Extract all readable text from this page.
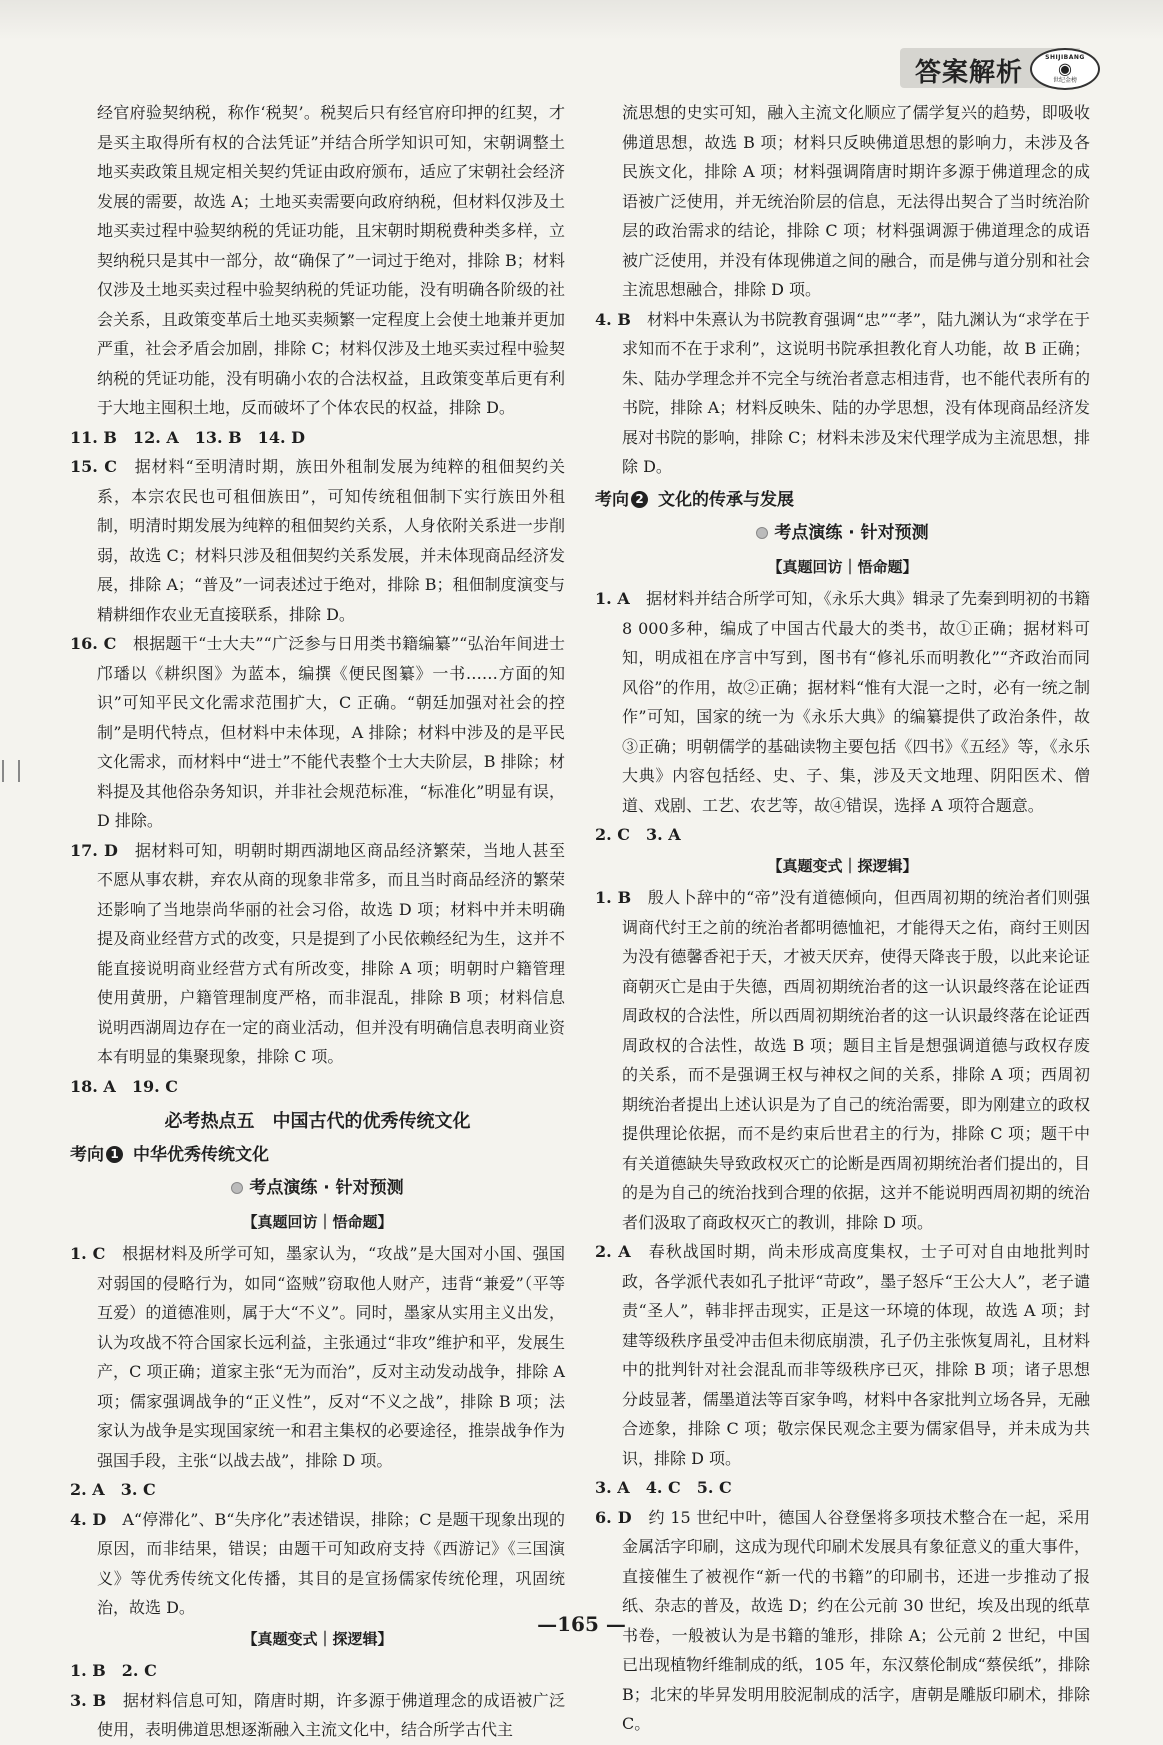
答案解析
SHIJIBANG
◉
世纪金榜

经官府验契纳税，称作‘税契’。税契后只有经官府印押的红契，才是买主取得所有权的合法凭证”并结合所学知识可知，宋朝调整土地买卖政策且规定相关契约凭证由政府颁布，适应了宋朝社会经济发展的需要，故选 A；土地买卖需要向政府纳税，但材料仅涉及土地买卖过程中验契纳税的凭证功能，且宋朝时期税费种类多样，立契纳税只是其中一部分，故“确保了”一词过于绝对，排除 B；材料仅涉及土地买卖过程中验契纳税的凭证功能，没有明确各阶级的社会关系，且政策变革后土地买卖频繁一定程度上会使土地兼并更加严重，社会矛盾会加剧，排除 C；材料仅涉及土地买卖过程中验契纳税的凭证功能，没有明确小农的合法权益，且政策变革后更有利于大地主囤积土地，反而破坏了个体农民的权益，排除 D。

11. B　12. A　13. B　14. D

15. C　 据材料“至明清时期，族田外租制发展为纯粹的租佃契约关系，本宗农民也可租佃族田”，可知传统租佃制下实行族田外租制，明清时期发展为纯粹的租佃契约关系，人身依附关系进一步削弱，故选 C；材料只涉及租佃契约关系发展，并未体现商品经济发展，排除 A；“普及”一词表述过于绝对，排除 B；租佃制度演变与精耕细作农业无直接联系，排除 D。

16. C　 根据题干“士大夫”“广泛参与日用类书籍编纂”“弘治年间进士邝璠以《耕织图》为蓝本，编撰《便民图纂》一书……方面的知识”可知平民文化需求范围扩大，C 正确。“朝廷加强对社会的控制”是明代特点，但材料中未体现，A 排除；材料中涉及的是平民文化需求，而材料中“进士”不能代表整个士大夫阶层，B 排除；材料提及其他俗杂务知识，并非社会规范标准，“标准化”明显有误，D 排除。

17. D　 据材料可知，明朝时期西湖地区商品经济繁荣，当地人甚至不愿从事农耕，弃农从商的现象非常多，而且当时商品经济的繁荣还影响了当地崇尚华丽的社会习俗，故选 D 项；材料中并未明确提及商业经营方式的改变，只是提到了小民依赖经纪为生，这并不能直接说明商业经营方式有所改变，排除 A 项；明朝时户籍管理使用黄册，户籍管理制度严格，而非混乱，排除 B 项；材料信息说明西湖周边存在一定的商业活动，但并没有明确信息表明商业资本有明显的集聚现象，排除 C 项。

18. A　19. C

必考热点五　中国古代的优秀传统文化
考向 1 中华优秀传统文化
考点演练 · 针对预测
【真题回访｜悟命题】

1. C　 根据材料及所学可知，墨家认为，“攻战”是大国对小国、强国对弱国的侵略行为，如同“盗贼”窃取他人财产，违背“兼爱”（平等互爱）的道德准则，属于大“不义”。同时，墨家从实用主义出发，认为攻战不符合国家长远利益，主张通过“非攻”维护和平，发展生产，C 项正确；道家主张“无为而治”，反对主动发动战争，排除 A 项；儒家强调战争的“正义性”，反对“不义之战”，排除 B 项；法家认为战争是实现国家统一和君主集权的必要途径，推崇战争作为强国手段，主张“以战去战”，排除 D 项。

2. A　3. C

4. D　 A“停滞化”、B“失序化”表述错误，排除；C 是题干现象出现的原因，而非结果，错误；由题干可知政府支持《西游记》《三国演义》等优秀传统文化传播，其目的是宣扬儒家传统伦理，巩固统治，故选 D。

【真题变式｜探逻辑】

1. B　2. C

3. B　 据材料信息可知，隋唐时期，许多源于佛道理念的成语被广泛使用，表明佛道思想逐渐融入主流文化中，结合所学古代主

流思想的史实可知，融入主流文化顺应了儒学复兴的趋势，即吸收佛道思想，故选 B 项；材料只反映佛道思想的影响力，未涉及各民族文化，排除 A 项；材料强调隋唐时期许多源于佛道理念的成语被广泛使用，并无统治阶层的信息，无法得出契合了当时统治阶层的政治需求的结论，排除 C 项；材料强调源于佛道理念的成语被广泛使用，并没有体现佛道之间的融合，而是佛与道分别和社会主流思想融合，排除 D 项。

4. B　 材料中朱熹认为书院教育强调“忠”“孝”，陆九渊认为“求学在于求知而不在于求利”，这说明书院承担教化育人功能，故 B 正确；朱、陆办学理念并不完全与统治者意志相违背，也不能代表所有的书院，排除 A；材料反映朱、陆的办学思想，没有体现商品经济发展对书院的影响，排除 C；材料未涉及宋代理学成为主流思想，排除 D。

考向 2 文化的传承与发展
考点演练 · 针对预测
【真题回访｜悟命题】

1. A　 据材料并结合所学可知，《永乐大典》辑录了先秦到明初的书籍8 000多种，编成了中国古代最大的类书，故①正确；据材料可知，明成祖在序言中写到，图书有“修礼乐而明教化”“齐政治而同风俗”的作用，故②正确；据材料“惟有大混一之时，必有一统之制作”可知，国家的统一为《永乐大典》的编纂提供了政治条件，故③正确；明朝儒学的基础读物主要包括《四书》《五经》等，《永乐大典》内容包括经、史、子、集，涉及天文地理、阴阳医术、僧道、戏剧、工艺、农艺等，故④错误，选择 A 项符合题意。

2. C　3. A

【真题变式｜探逻辑】

1. B　 殷人卜辞中的“帝”没有道德倾向，但西周初期的统治者们则强调商代纣王之前的统治者都明德恤祀，才能得天之佑，商纣王则因为没有德馨香祀于天，才被天厌弃，使得天降丧于殷，以此来论证商朝灭亡是由于失德，西周初期统治者的这一认识最终落在论证西周政权的合法性，所以西周初期统治者的这一认识最终落在论证西周政权的合法性，故选 B 项；题目主旨是想强调道德与政权存废的关系，而不是强调王权与神权之间的关系，排除 A 项；西周初期统治者提出上述认识是为了自己的统治需要，即为刚建立的政权提供理论依据，而不是约束后世君主的行为，排除 C 项；题干中有关道德缺失导致政权灭亡的论断是西周初期统治者们提出的，目的是为自己的统治找到合理的依据，这并不能说明西周初期的统治者们汲取了商政权灭亡的教训，排除 D 项。

2. A　 春秋战国时期，尚未形成高度集权，士子可对自由地批判时政，各学派代表如孔子批评“苛政”，墨子怒斥“王公大人”，老子谴责“圣人”，韩非抨击现实，正是这一环境的体现，故选 A 项；封建等级秩序虽受冲击但未彻底崩溃，孔子仍主张恢复周礼，且材料中的批判针对社会混乱而非等级秩序已灭，排除 B 项；诸子思想分歧显著，儒墨道法等百家争鸣，材料中各家批判立场各异，无融合迹象，排除 C 项；敬宗保民观念主要为儒家倡导，并未成为共识，排除 D 项。

3. A　4. C　5. C

6. D　 约 15 世纪中叶，德国人谷登堡将多项技术整合在一起，采用金属活字印刷，这成为现代印刷术发展具有象征意义的重大事件，直接催生了被视作“新一代的书籍”的印刷书，还进一步推动了报纸、杂志的普及，故选 D；约在公元前 30 世纪，埃及出现的纸草书卷，一般被认为是书籍的雏形，排除 A；公元前 2 世纪，中国已出现植物纤维制成的纸，105 年，东汉蔡伦制成“蔡侯纸”，排除 B；北宋的毕昇发明用胶泥制成的活字，唐朝是雕版印刷术，排除 C。

—165 —
